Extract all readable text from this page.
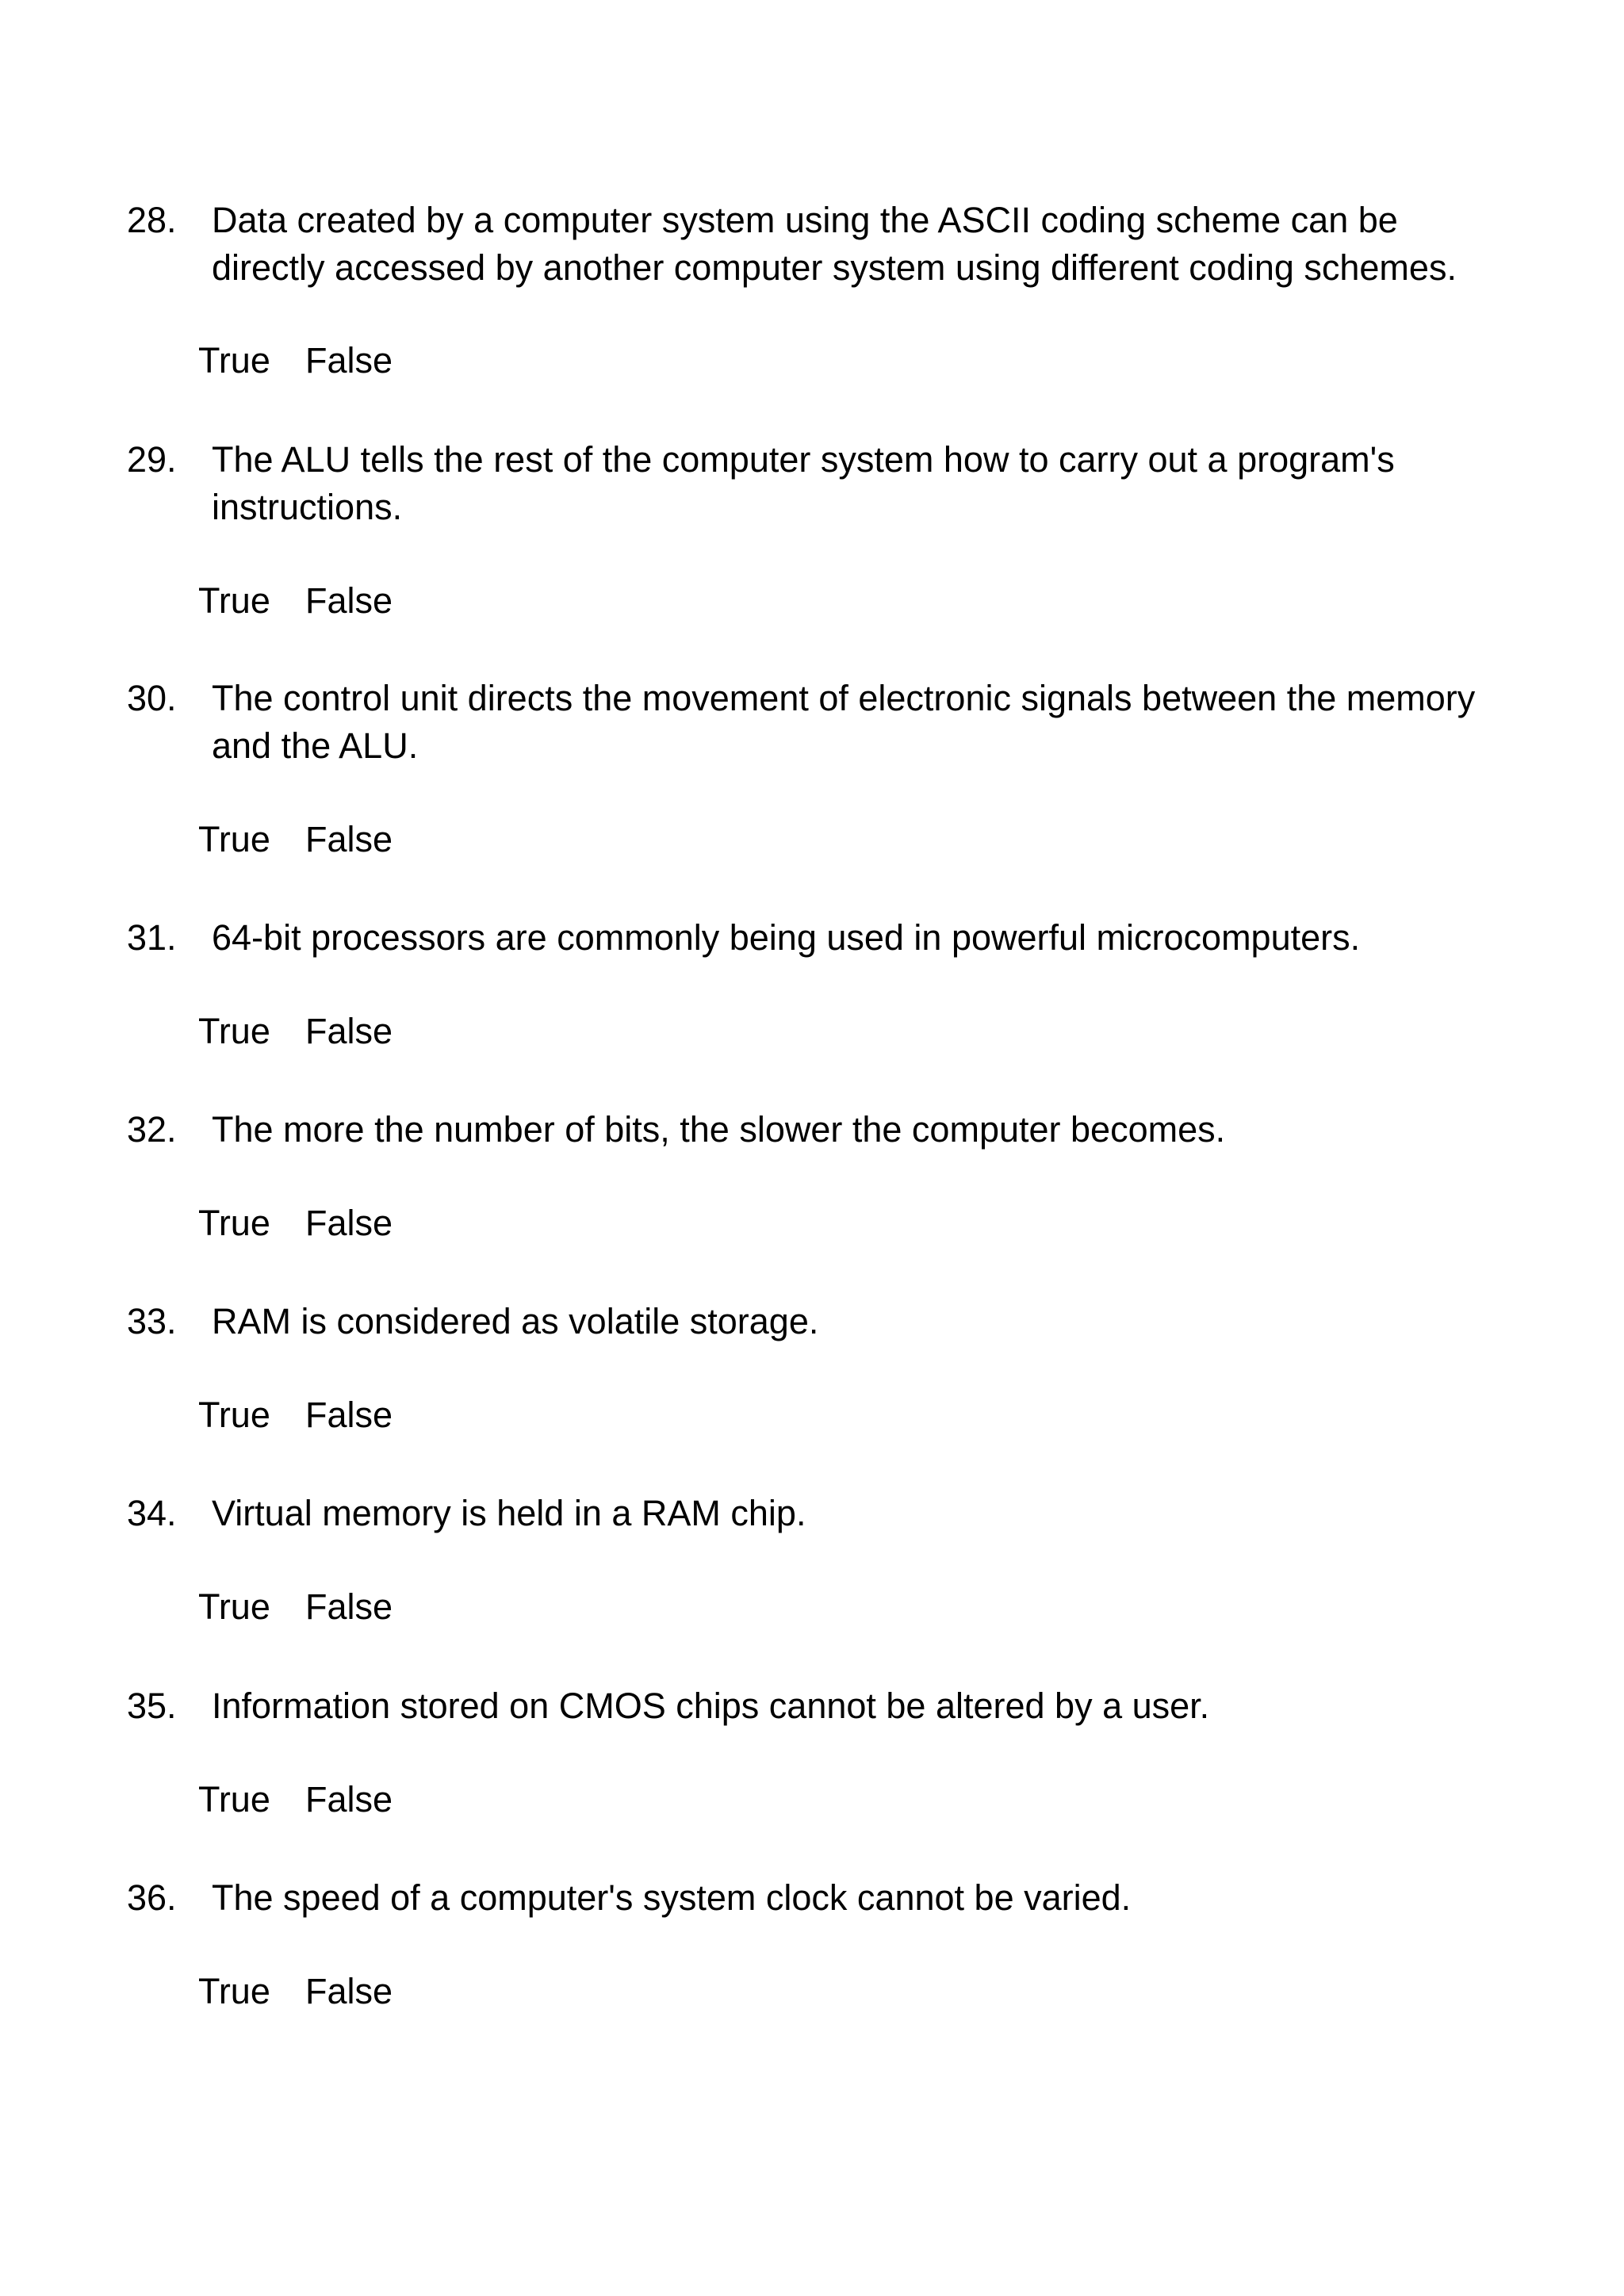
28. Data created by a computer system using the ASCII coding scheme can be directly accessed by another computer system using different coding schemes.
True False
29. The ALU tells the rest of the computer system how to carry out a program's instructions.
True False
30. The control unit directs the movement of electronic signals between the memory and the ALU.
True False
31. 64-bit processors are commonly being used in powerful microcomputers.
True False
32. The more the number of bits, the slower the computer becomes.
True False
33. RAM is considered as volatile storage.
True False
34. Virtual memory is held in a RAM chip.
True False
35. Information stored on CMOS chips cannot be altered by a user.
True False
36. The speed of a computer's system clock cannot be varied.
True False
